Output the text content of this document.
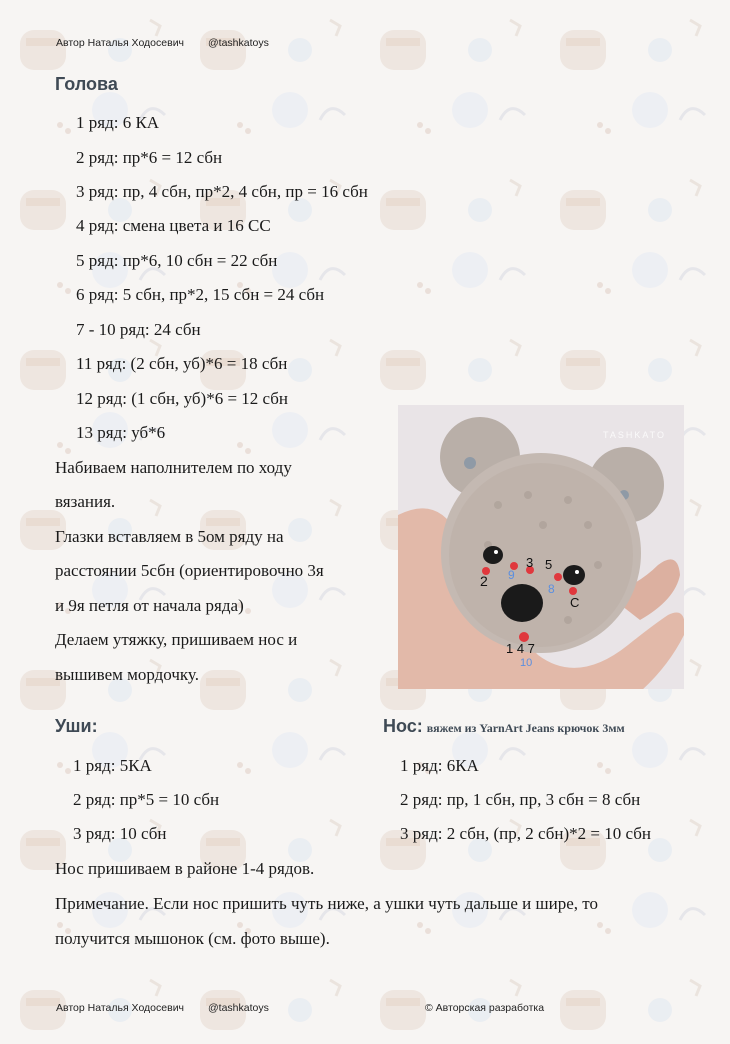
Автор Наталья Ходосевич @tashkatoys
Голова
1 ряд: 6 КА
2 ряд: пр*6 = 12 сбн
3 ряд: пр, 4 сбн, пр*2, 4 сбн, пр = 16 сбн
4 ряд: смена цвета и 16 СС
5 ряд: пр*6, 10 сбн = 22 сбн
6 ряд: 5 сбн, пр*2, 15 сбн = 24 сбн
7 - 10 ряд: 24 сбн
11 ряд: (2 сбн, уб)*6 = 18 сбн
12 ряд: (1 сбн, уб)*6 = 12 сбн
13 ряд: уб*6
Набиваем наполнителем по ходу
вязания.
Глазки вставляем в 5ом ряду на
расстоянии 5сбн (ориентировочно 3я
и 9я петля от начала ряда)
Делаем утяжку, пришиваем нос и
вышивем мордочку.
TASHKATO
2 9
3 5
8
C
1 4 7
10
Уши:
1 ряд: 5КА
2 ряд: пр*5 = 10 сбн
3 ряд: 10 сбн
Нос: вяжем из YarnArt Jeans крючок 3мм
1 ряд: 6КА
2 ряд: пр, 1 сбн, пр, 3 сбн = 8 сбн
3 ряд: 2 сбн, (пр, 2 сбн)*2 = 10 сбн
Нос пришиваем в районе 1-4 рядов.
Примечание. Если нос пришить чуть ниже, а ушки чуть дальше и шире, то
получится мышонок (см. фото выше).
Автор Наталья Ходосевич @tashkatoys	© Авторская разработка
